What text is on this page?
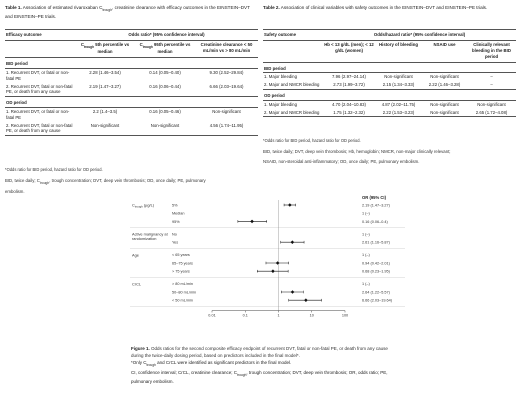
Table 1. Association of estimated rivaroxaban $C_{trough}$, creatinine clearance with efficacy outcomes in the EINSTEIN–DVT and EINSTEIN–PE trials.
Efficacy outcome	Odds ratio* (95% confidence interval)		
	$C_{trough}$ 5th percentile vs median	$C_{trough}$ 95th percentile vs median	Creatinine clearance < 50 mL/min vs > 80 mL/min
BID period			
1. Recurrent DVT, or fatal or non-fatal PE	2.28 (1.46–3.54)	0.14 (0.05–0.40)	9.30 (2.52–29.84)
2. Recurrent DVT, fatal or non-fatal PE, or death from any cause	2.19 (1.47–3.27)	0.16 (0.06–0.44)	6.66 (2.03–19.64)
OD period			
1. Recurrent DVT, or fatal or non-fatal PE	2.2 (1.4–3.5)	0.16 (0.05–0.46)	Non-significant
2. Recurrent DVT, fatal or non-fatal PE, or death from any cause	Non-significant	Non-significant	4.56 (1.74–11.95)
*Odds ratio for BID period, hazard ratio for OD period.
BID, twice daily; $C_{trough}$, trough concentration; DVT, deep vein thrombosis; OD, once daily; PE, pulmonary
embolism.
Table 2. Association of clinical variables with safety outcomes in the EINSTEIN–DVT and EINSTEIN–PE trials.
Safety outcome	Odds/hazard ratio* (95% confidence interval)			
	Hb < 13 g/dL (men); < 12 g/dL (women)	History of bleeding	NSAID use	Clinically relevant bleeding in the BID period
BID period				
1. Major bleeding	7.96 (2.97–24.14)	Non-significant	Non-significant	–
2. Major and NMCR bleeding	2.73 (1.99–3.72)	2.15 (1.34–3.33)	2.22 (1.46–3.28)	–
OD period				
1. Major bleeding	4.70 (2.04–10.83)	4.87 (2.02–11.75)	Non-significant	Non-significant
2. Major and NMCR bleeding	1.75 (1.32–2.32)	2.22 (1.53–3.23)	Non-significant	2.65 (1.72–4.08)
*Odds ratio for BID period, hazard ratio for OD period.
BID, twice daily; DVT, deep vein thrombosis; Hb, hemoglobin; NMCR, non-major clinically relevant;
NSAID, non-steroidal anti-inflammatory; OD, once daily; PE, pulmonary embolism.
OR (95% CI)
$C_{trough}$ (µg/L)
Active malignancy at randomization
Age
CrCL
5%	2.19 (1.47–3.27)
Median	1 (–)
95%	0.16 (0.06–0.4)
No	1 (–)
Yes	2.61 (1.16–5.87)
< 65 years	1 (–)
65–75 years	0.94 (0.42–2.01)
> 75 years	0.68 (0.23–1.95)
> 80 mL/min	1 (–)
50–80 mL/min	2.64 (1.22–5.57)
< 50 mL/min	6.66 (2.03–19.64)
0.01	0.1	1	10	100
Figure 1. Odds ratios for the second composite efficacy endpoint of recurrent DVT, fatal or non-fatal PE, or death from any cause during the twice-daily dosing period, based on predictors included in the final model*.
*Only $C_{trough}$ and CrCL were identified as significant predictors in the final model.
CI, confidence interval; CrCL, creatinine clearance; $C_{trough}$, trough concentration; DVT, deep vein thrombosis; OR, odds ratio; PE, pulmonary embolism.
